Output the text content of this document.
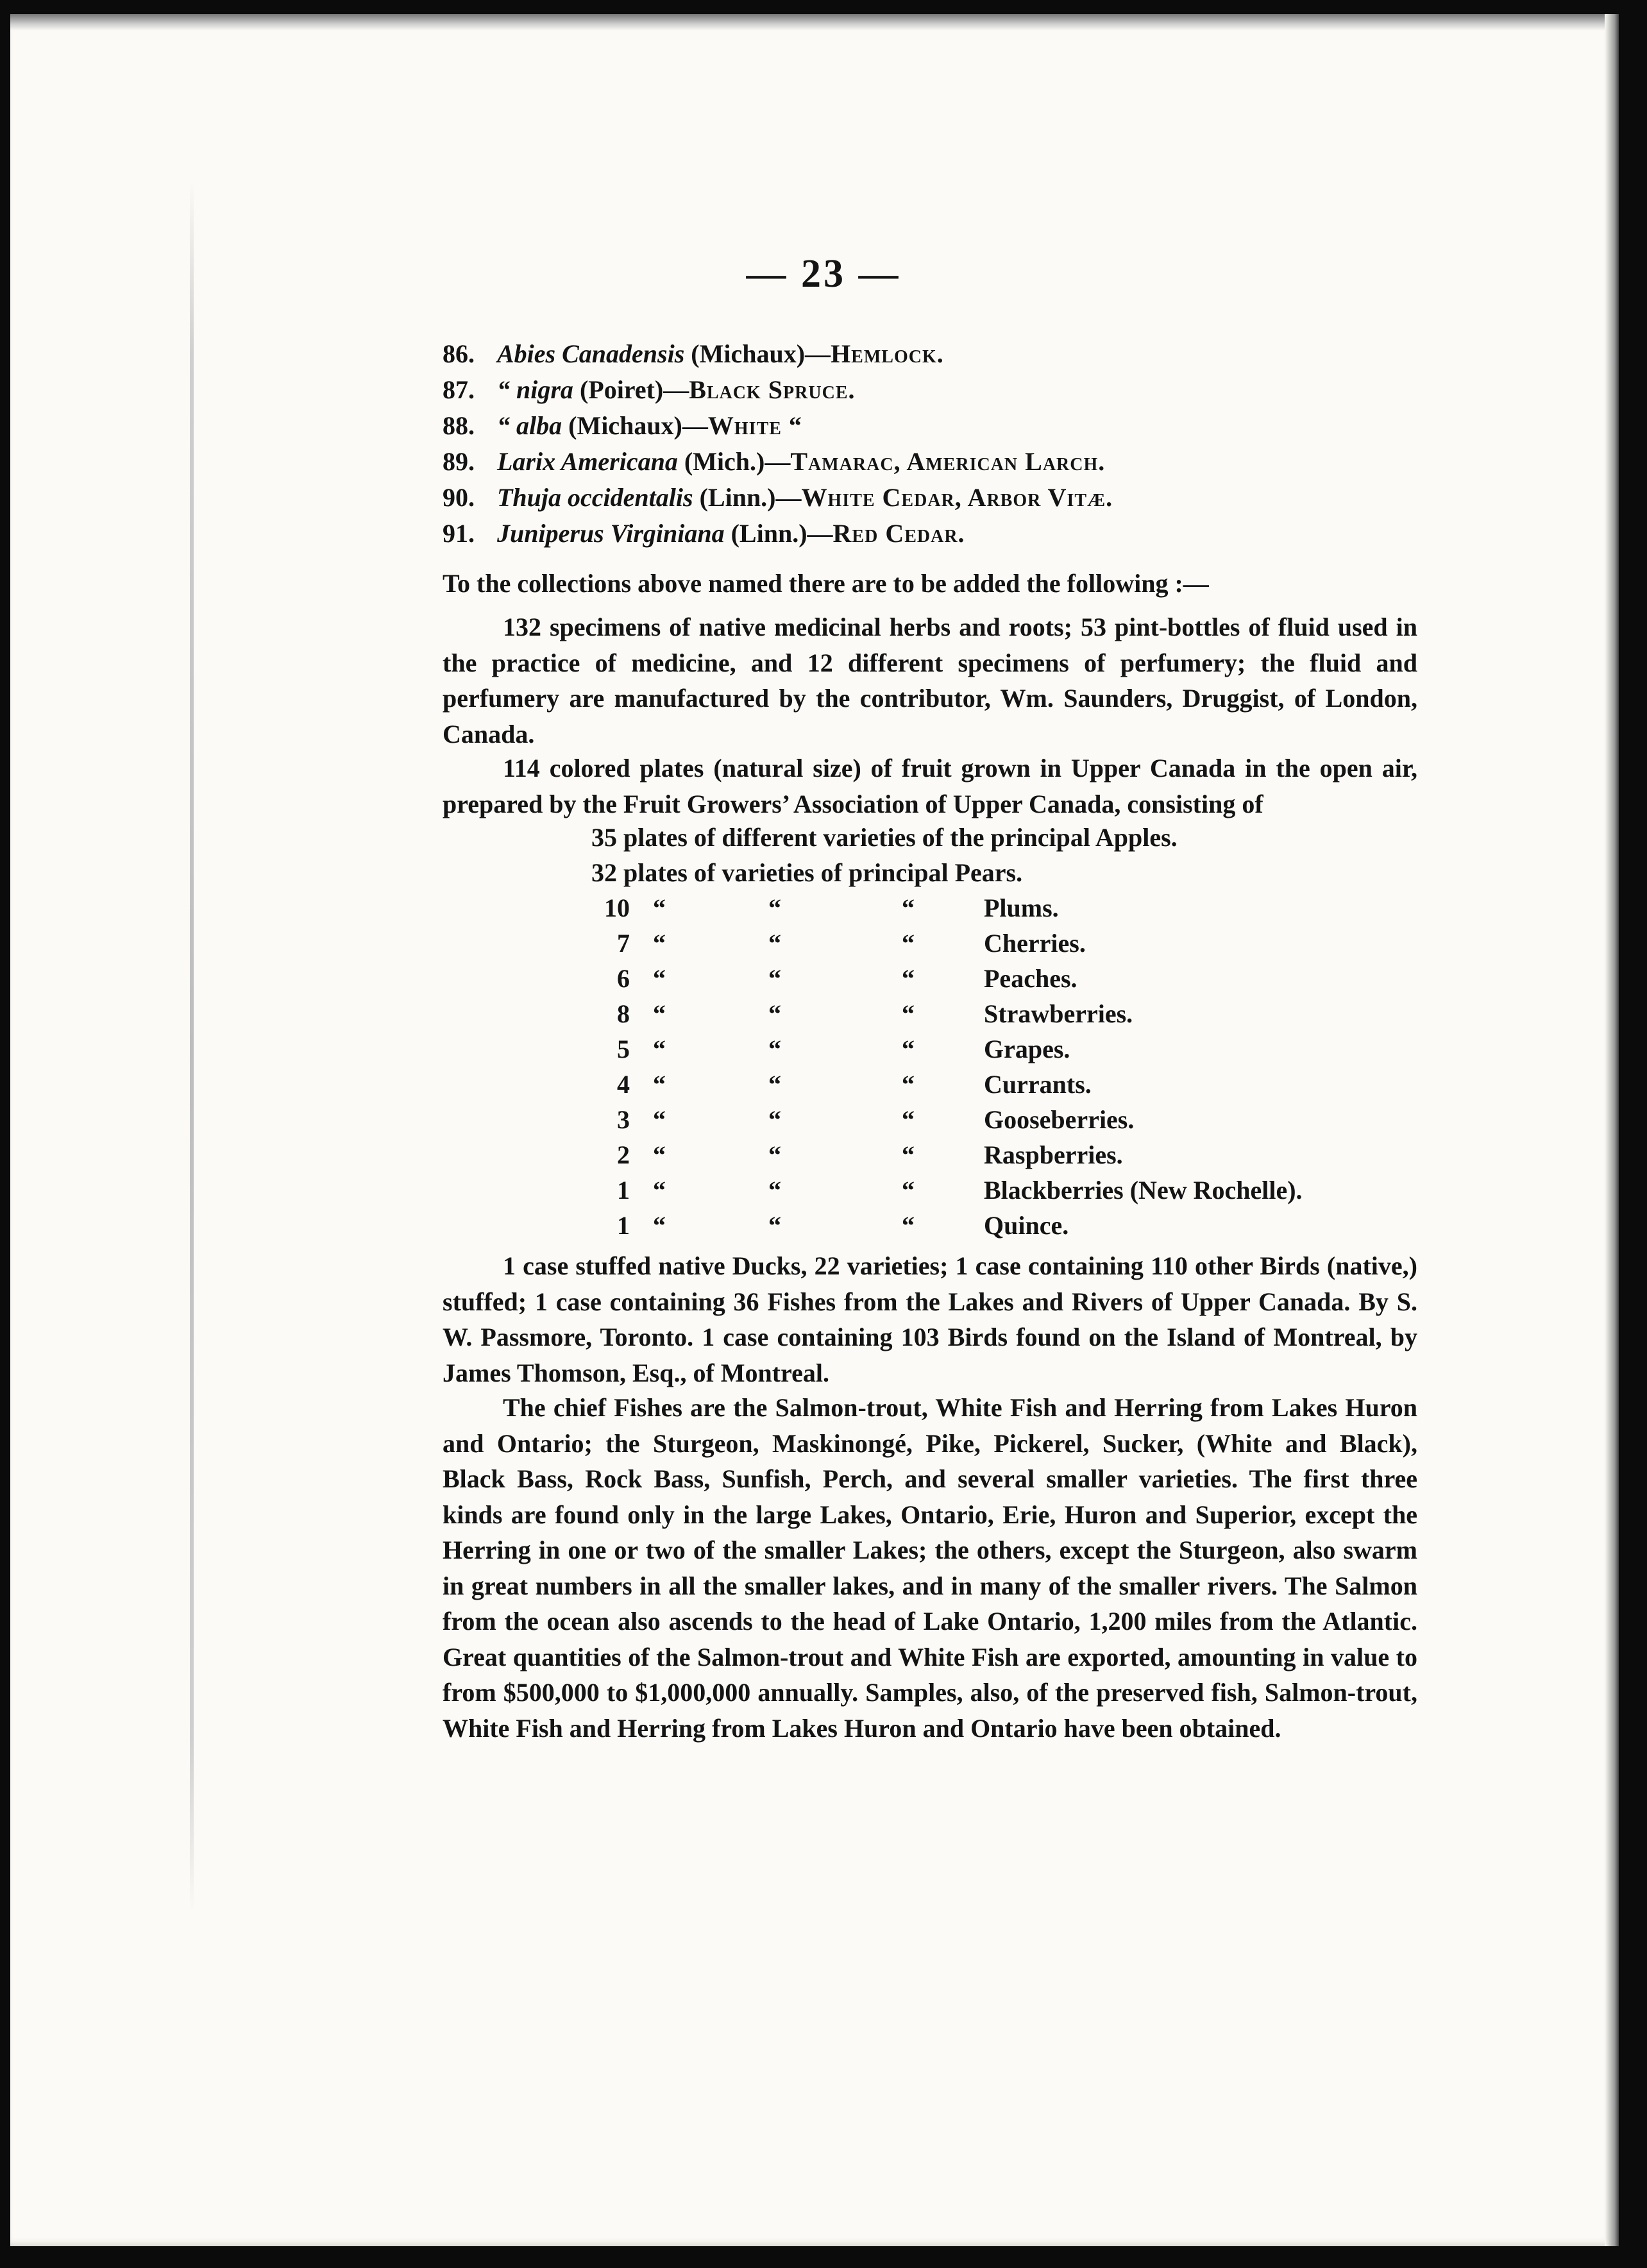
— 23 —
86. Abies Canadensis (Michaux)—Hemlock.
87. “ nigra (Poiret)—Black Spruce.
88. “ alba (Michaux)—White “
89. Larix Americana (Mich.)—Tamarac, American Larch.
90. Thuja occidentalis (Linn.)—White Cedar, Arbor Vitæ.
91. Juniperus Virginiana (Linn.)—Red Cedar.
To the collections above named there are to be added the following :—

132 specimens of native medicinal herbs and roots; 53 pint-bottles of fluid used in the practice of medicine, and 12 different specimens of perfumery; the fluid and perfumery are manufactured by the contributor, Wm. Saunders, Druggist, of London, Canada.

114 colored plates (natural size) of fruit grown in Upper Canada in the open air, prepared by the Fruit Growers’ Association of Upper Canada, consisting of

35 plates of different varieties of the principal Apples.
32 plates of varieties of principal Pears.
10 “	“	“	Plums.
7 “	“	“	Cherries.
6 “	“	“	Peaches.
8 “	“	“	Strawberries.
5 “	“	“	Grapes.
4 “	“	“	Currants.
3 “	“	“	Gooseberries.
2 “	“	“	Raspberries.
1 “	“	“	Blackberries (New Rochelle).
1 “	“	“	Quince.

1 case stuffed native Ducks, 22 varieties; 1 case containing 110 other Birds (native,) stuffed; 1 case containing 36 Fishes from the Lakes and Rivers of Upper Canada. By S. W. Passmore, Toronto. 1 case containing 103 Birds found on the Island of Montreal, by James Thomson, Esq., of Montreal.

The chief Fishes are the Salmon-trout, White Fish and Herring from Lakes Huron and Ontario; the Sturgeon, Maskinongé, Pike, Pickerel, Sucker, (White and Black), Black Bass, Rock Bass, Sunfish, Perch, and several smaller varieties. The first three kinds are found only in the large Lakes, Ontario, Erie, Huron and Superior, except the Herring in one or two of the smaller Lakes; the others, except the Sturgeon, also swarm in great numbers in all the smaller lakes, and in many of the smaller rivers. The Salmon from the ocean also ascends to the head of Lake Ontario, 1,200 miles from the Atlantic. Great quantities of the Salmon-trout and White Fish are exported, amounting in value to from $500,000 to $1,000,000 annually. Samples, also, of the preserved fish, Salmon-trout, White Fish and Herring from Lakes Huron and Ontario have been obtained.
